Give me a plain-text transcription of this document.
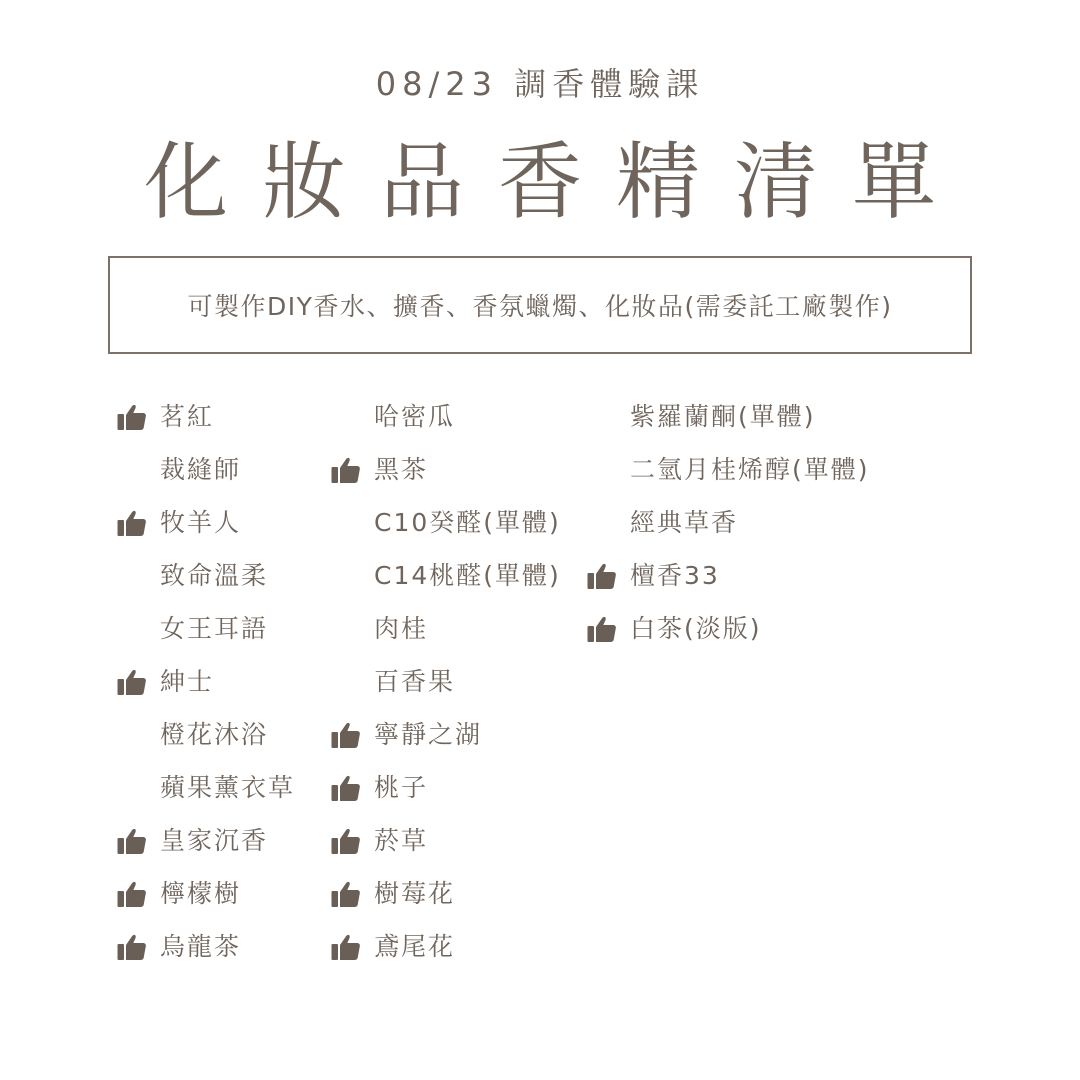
08/23 調香體驗課
化妝品香精清單
可製作DIY香水、擴香、香氛蠟燭、化妝品(需委託工廠製作)
茗紅
裁縫師
牧羊人
致命溫柔
女王耳語
紳士
橙花沐浴
蘋果薰衣草
皇家沉香
檸檬樹
烏龍茶
哈密瓜
黑茶
C10癸醛(單體)
C14桃醛(單體)
肉桂
百香果
寧靜之湖
桃子
菸草
樹莓花
鳶尾花
紫羅蘭酮(單體)
二氫月桂烯醇(單體)
經典草香
檀香33
白茶(淡版)
